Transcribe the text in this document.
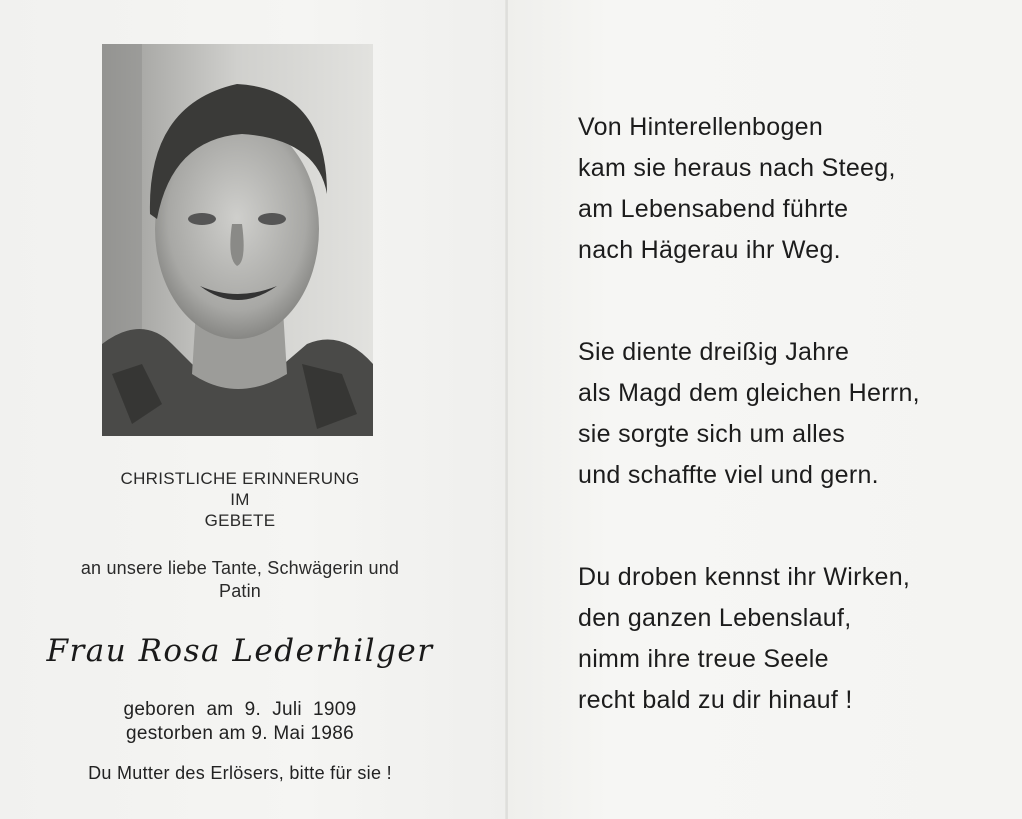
CHRISTLICHE ERINNERUNG
IM
GEBETE
an unsere liebe Tante, Schwägerin und
Patin
Frau Rosa Lederhilger
geboren  am  9.  Juli  1909
gestorben am 9. Mai 1986
Du Mutter des Erlösers, bitte für sie !
Von Hinterellenbogen
kam sie heraus nach Steeg,
am Lebensabend führte
nach Hägerau ihr Weg.
Sie diente dreißig Jahre
als Magd dem gleichen Herrn,
sie sorgte sich um alles
und schaffte viel und gern.
Du droben kennst ihr Wirken,
den ganzen Lebenslauf,
nimm ihre treue Seele
recht bald zu dir hinauf !
